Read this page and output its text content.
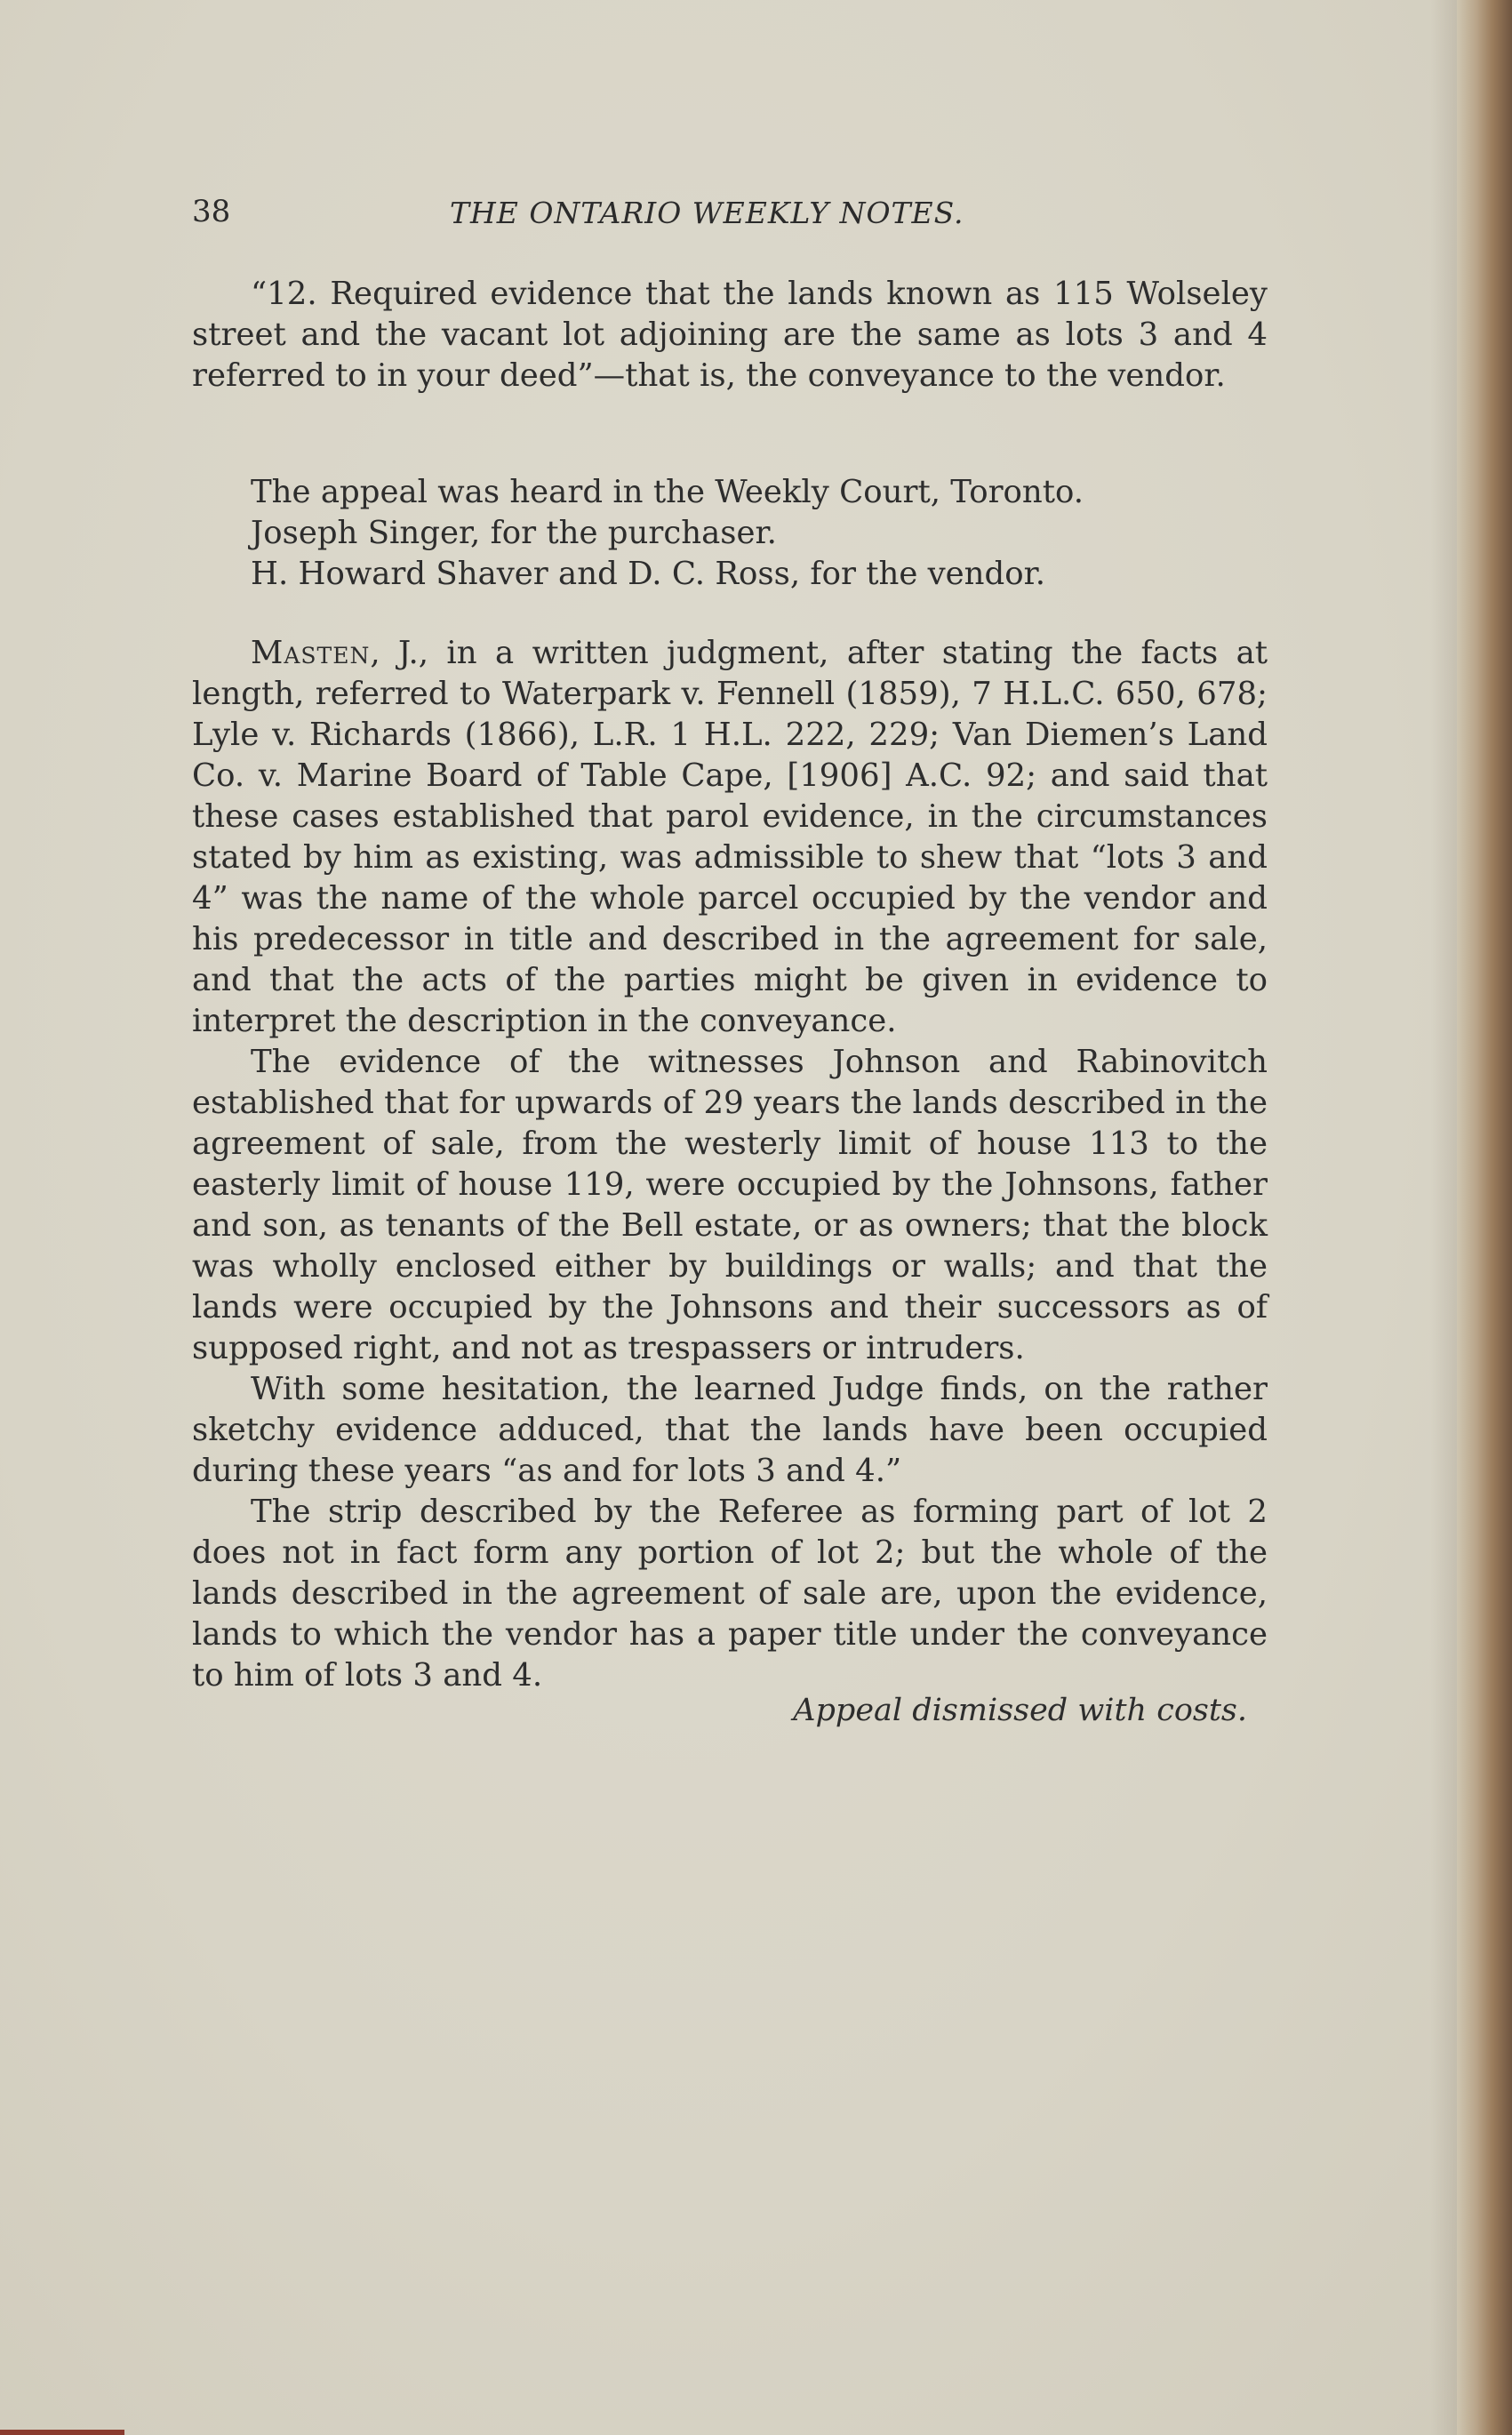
38	THE ONTARIO WEEKLY NOTES.

“12. Required evidence that the lands known as 115 Wolseley street and the vacant lot adjoining are the same as lots 3 and 4 referred to in your deed”—that is, the conveyance to the vendor.

The appeal was heard in the Weekly Court, Toronto.

Joseph Singer, for the purchaser.

H. Howard Shaver and D. C. Ross, for the vendor.

Masten, J., in a written judgment, after stating the facts at length, referred to Waterpark v. Fennell (1859), 7 H.L.C. 650, 678; Lyle v. Richards (1866), L.R. 1 H.L. 222, 229; Van Diemen’s Land Co. v. Marine Board of Table Cape, [1906] A.C. 92; and said that these cases established that parol evidence, in the circumstances stated by him as existing, was admissible to shew that “lots 3 and 4” was the name of the whole parcel occupied by the vendor and his predecessor in title and described in the agreement for sale, and that the acts of the parties might be given in evidence to interpret the description in the conveyance.

The evidence of the witnesses Johnson and Rabinovitch established that for upwards of 29 years the lands described in the agreement of sale, from the westerly limit of house 113 to the easterly limit of house 119, were occupied by the Johnsons, father and son, as tenants of the Bell estate, or as owners; that the block was wholly enclosed either by buildings or walls; and that the lands were occupied by the Johnsons and their successors as of supposed right, and not as trespassers or intruders.

With some hesitation, the learned Judge finds, on the rather sketchy evidence adduced, that the lands have been occupied during these years “as and for lots 3 and 4.”

The strip described by the Referee as forming part of lot 2 does not in fact form any portion of lot 2; but the whole of the lands described in the agreement of sale are, upon the evidence, lands to which the vendor has a paper title under the conveyance to him of lots 3 and 4.

Appeal dismissed with costs.
